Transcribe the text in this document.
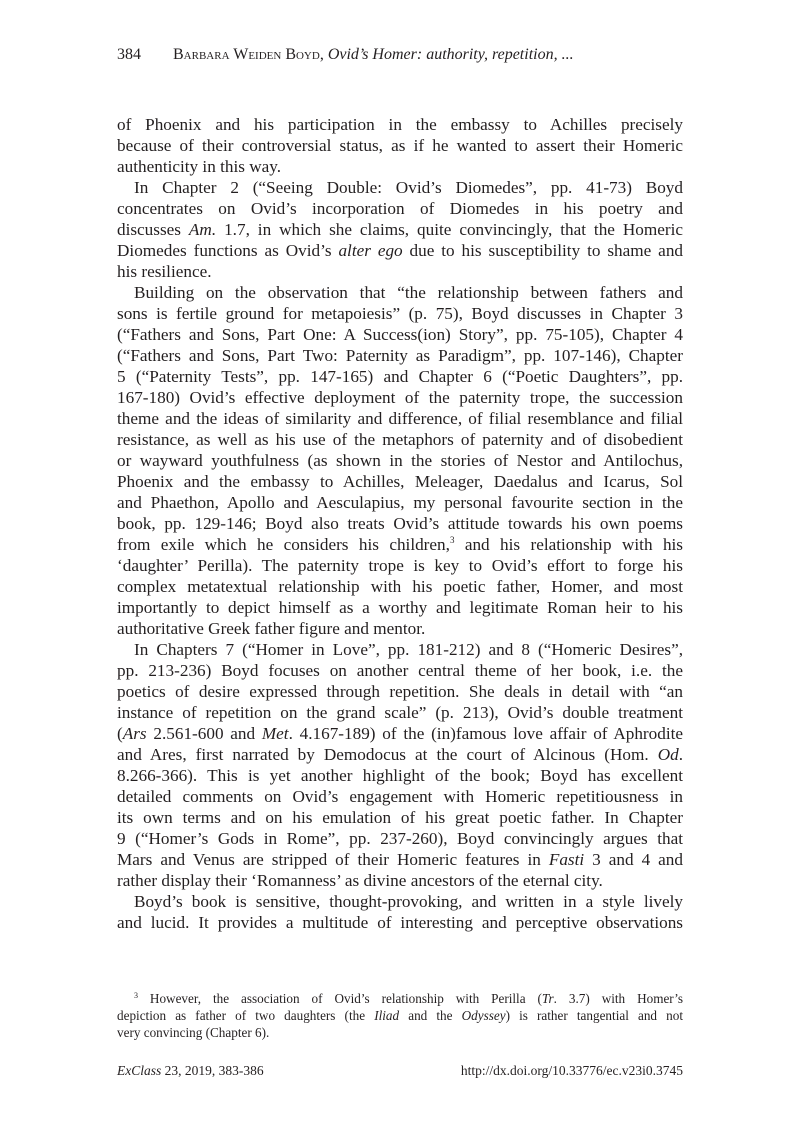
384 Barbara Weiden Boyd, Ovid’s Homer: authority, repetition, ...
of Phoenix and his participation in the embassy to Achilles precisely
because of their controversial status, as if he wanted to assert their Homeric
authenticity in this way.
In Chapter 2 (“Seeing Double: Ovid’s Diomedes”, pp. 41-73) Boyd
concentrates on Ovid’s incorporation of Diomedes in his poetry and
discusses Am. 1.7, in which she claims, quite convincingly, that the Homeric
Diomedes functions as Ovid’s alter ego due to his susceptibility to shame and
his resilience.
Building on the observation that “the relationship between fathers and
sons is fertile ground for metapoiesis” (p. 75), Boyd discusses in Chapter 3
(“Fathers and Sons, Part One: A Success(ion) Story”, pp. 75-105), Chapter 4
(“Fathers and Sons, Part Two: Paternity as Paradigm”, pp. 107-146), Chapter
5 (“Paternity Tests”, pp. 147-165) and Chapter 6 (“Poetic Daughters”, pp.
167-180) Ovid’s effective deployment of the paternity trope, the succession
theme and the ideas of similarity and difference, of filial resemblance and filial
resistance, as well as his use of the metaphors of paternity and of disobedient
or wayward youthfulness (as shown in the stories of Nestor and Antilochus,
Phoenix and the embassy to Achilles, Meleager, Daedalus and Icarus, Sol
and Phaethon, Apollo and Aesculapius, my personal favourite section in the
book, pp. 129-146; Boyd also treats Ovid’s attitude towards his own poems
from exile which he considers his children,$^3$ and his relationship with his
‘daughter’ Perilla). The paternity trope is key to Ovid’s effort to forge his
complex metatextual relationship with his poetic father, Homer, and most
importantly to depict himself as a worthy and legitimate Roman heir to his
authoritative Greek father figure and mentor.
In Chapters 7 (“Homer in Love”, pp. 181-212) and 8 (“Homeric Desires”,
pp. 213-236) Boyd focuses on another central theme of her book, i.e. the
poetics of desire expressed through repetition. She deals in detail with “an
instance of repetition on the grand scale” (p. 213), Ovid’s double treatment
(Ars 2.561-600 and Met. 4.167-189) of the (in)famous love affair of Aphrodite
and Ares, first narrated by Demodocus at the court of Alcinous (Hom. Od.
8.266-366). This is yet another highlight of the book; Boyd has excellent
detailed comments on Ovid’s engagement with Homeric repetitiousness in
its own terms and on his emulation of his great poetic father. In Chapter
9 (“Homer’s Gods in Rome”, pp. 237-260), Boyd convincingly argues that
Mars and Venus are stripped of their Homeric features in Fasti 3 and 4 and
rather display their ‘Romanness’ as divine ancestors of the eternal city.
Boyd’s book is sensitive, thought-provoking, and written in a style lively
and lucid. It provides a multitude of interesting and perceptive observations
$^3$ However, the association of Ovid’s relationship with Perilla (Tr. 3.7) with Homer’s
depiction as father of two daughters (the Iliad and the Odyssey) is rather tangential and not
very convincing (Chapter 6).
ExClass 23, 2019, 383-386	http://dx.doi.org/10.33776/ec.v23i0.3745
